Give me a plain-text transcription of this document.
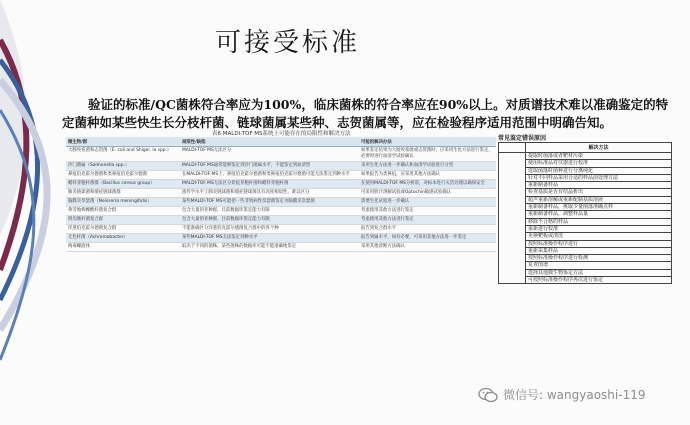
可接受标准
验证的标准/QC菌株符合率应为100%，临床菌株的符合率应在90%以上。对质谱技术难以准确鉴定的特定菌种如某些快生长分枝杆菌、链球菌属某些种、志贺菌属等，应在检验程序适用范围中明确告知。
表6 MALDI-TOF MS系统上可能存在的局限性和解决方法
微生物/群	局限性/缺陷	可能的解决办法
大肠埃希菌和志贺菌（E. coli and Shigel. la spp.）	MALDI-TOF MS无法区分	如果鉴定结果为大肠埃希菌或志贺菌时，应采用生化方法进行鉴定，必要时进行血清学试验确认
沙门菌属（Salmonella spp.）	MALDI-TOF MS通常能够鉴定到沙门菌属水平，不能鉴定到血清型	采用生化方法进一步确认和血清学试验进行分型
鼻疽伯克霍尔德菌和类鼻疽伯克霍尔德菌	在MALDI-TOF MS上，鼻疽伯克霍尔德菌和类鼻疽伯克霍尔德菌可能无法鉴定到种水平	如果报告为类鼻疽，应采用其他方法确认
蜡样芽胞杆菌群（Bacillus cereus group）	MALDI-TOF MS无法区分炭疽芽胞杆菌和蜡样芽胞杆菌	在使用MALDI-TOF MS分析前，对标本进行灭活处理以确保安全
肺炎链球菌和缓症链球菌群	遗传学水平上肺炎链球菌和缓症链球菌具有高度相似性，难以区分	可采用胆汁溶解试验或Optochin敏感试验确认
脑膜炎奈瑟菌（Neisseria meningitidis）	某些MALDI-TOF MS可能把一些非致病性奈瑟菌鉴定为脑膜炎奈瑟菌	需要生化试验进一步确认
弗劳地枸橼酸杆菌复合群	包含大量的亚种群，目前数据库鉴定能力有限	考虑使用其他方法进行鉴定
阴沟肠杆菌复合群	包含大量的亚种群，目前数据库鉴定能力有限	考虑使用其他方法进行鉴定
洋葱伯克霍尔德菌复合群	不能准确区分洋葱伯克霍尔德菌复合群中的各个种	报告到复合群水平
无色杆菌（Achromobacter）	某些MALDI-TOF MS无法鉴定到种水平	报告到属水平，如有必要，可采用其他方法进一步鉴定
梅毒螺旋体	取决于不同的菌株，某些菌株的数据库可能不能准确地鉴定	采用其他诊断方法确认
常见鉴定错误原因
	解决方法
	提取时菌落或者靶材污染
	使用标准品对仪器进行校准
	选取菌落时菌种进行分离纯化
	针对不同样品采用合适的样品前处理方法
	重新制备样品
	检查基质是否有结晶析出
	超声重新溶解或重新配制基质溶液
	重新制备样品，挑取少量菌落准确点样
	重新制备样品，调整样品量
	移除不合格的样品
	重新进行校准
	更换靶板或清洗
	按照标准操作程序进行
	重新采集样品
	按照标准操作程序进行检测
	复查图谱
	选择其他微生物鉴定方法
	可按照标准操作程序再次进行鉴定
微信号: wangyaoshi-119
